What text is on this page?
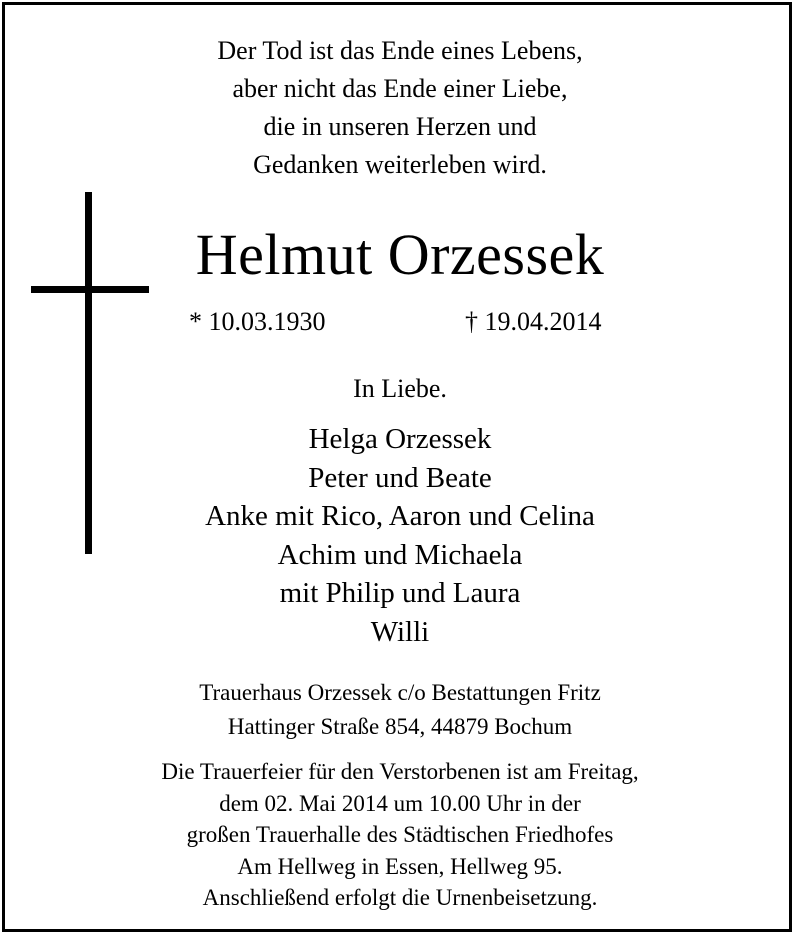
Der Tod ist das Ende eines Lebens,
aber nicht das Ende einer Liebe,
die in unseren Herzen und
Gedanken weiterleben wird.
Helmut Orzessek
* 10.03.1930	† 19.04.2014
In Liebe.
Helga Orzessek
Peter und Beate
Anke mit Rico, Aaron und Celina
Achim und Michaela
mit Philip und Laura
Willi
Trauerhaus Orzessek c/o Bestattungen Fritz
Hattinger Straße 854, 44879 Bochum
Die Trauerfeier für den Verstorbenen ist am Freitag,
dem 02. Mai 2014 um 10.00 Uhr in der
großen Trauerhalle des Städtischen Friedhofes
Am Hellweg in Essen, Hellweg 95.
Anschließend erfolgt die Urnenbeisetzung.
